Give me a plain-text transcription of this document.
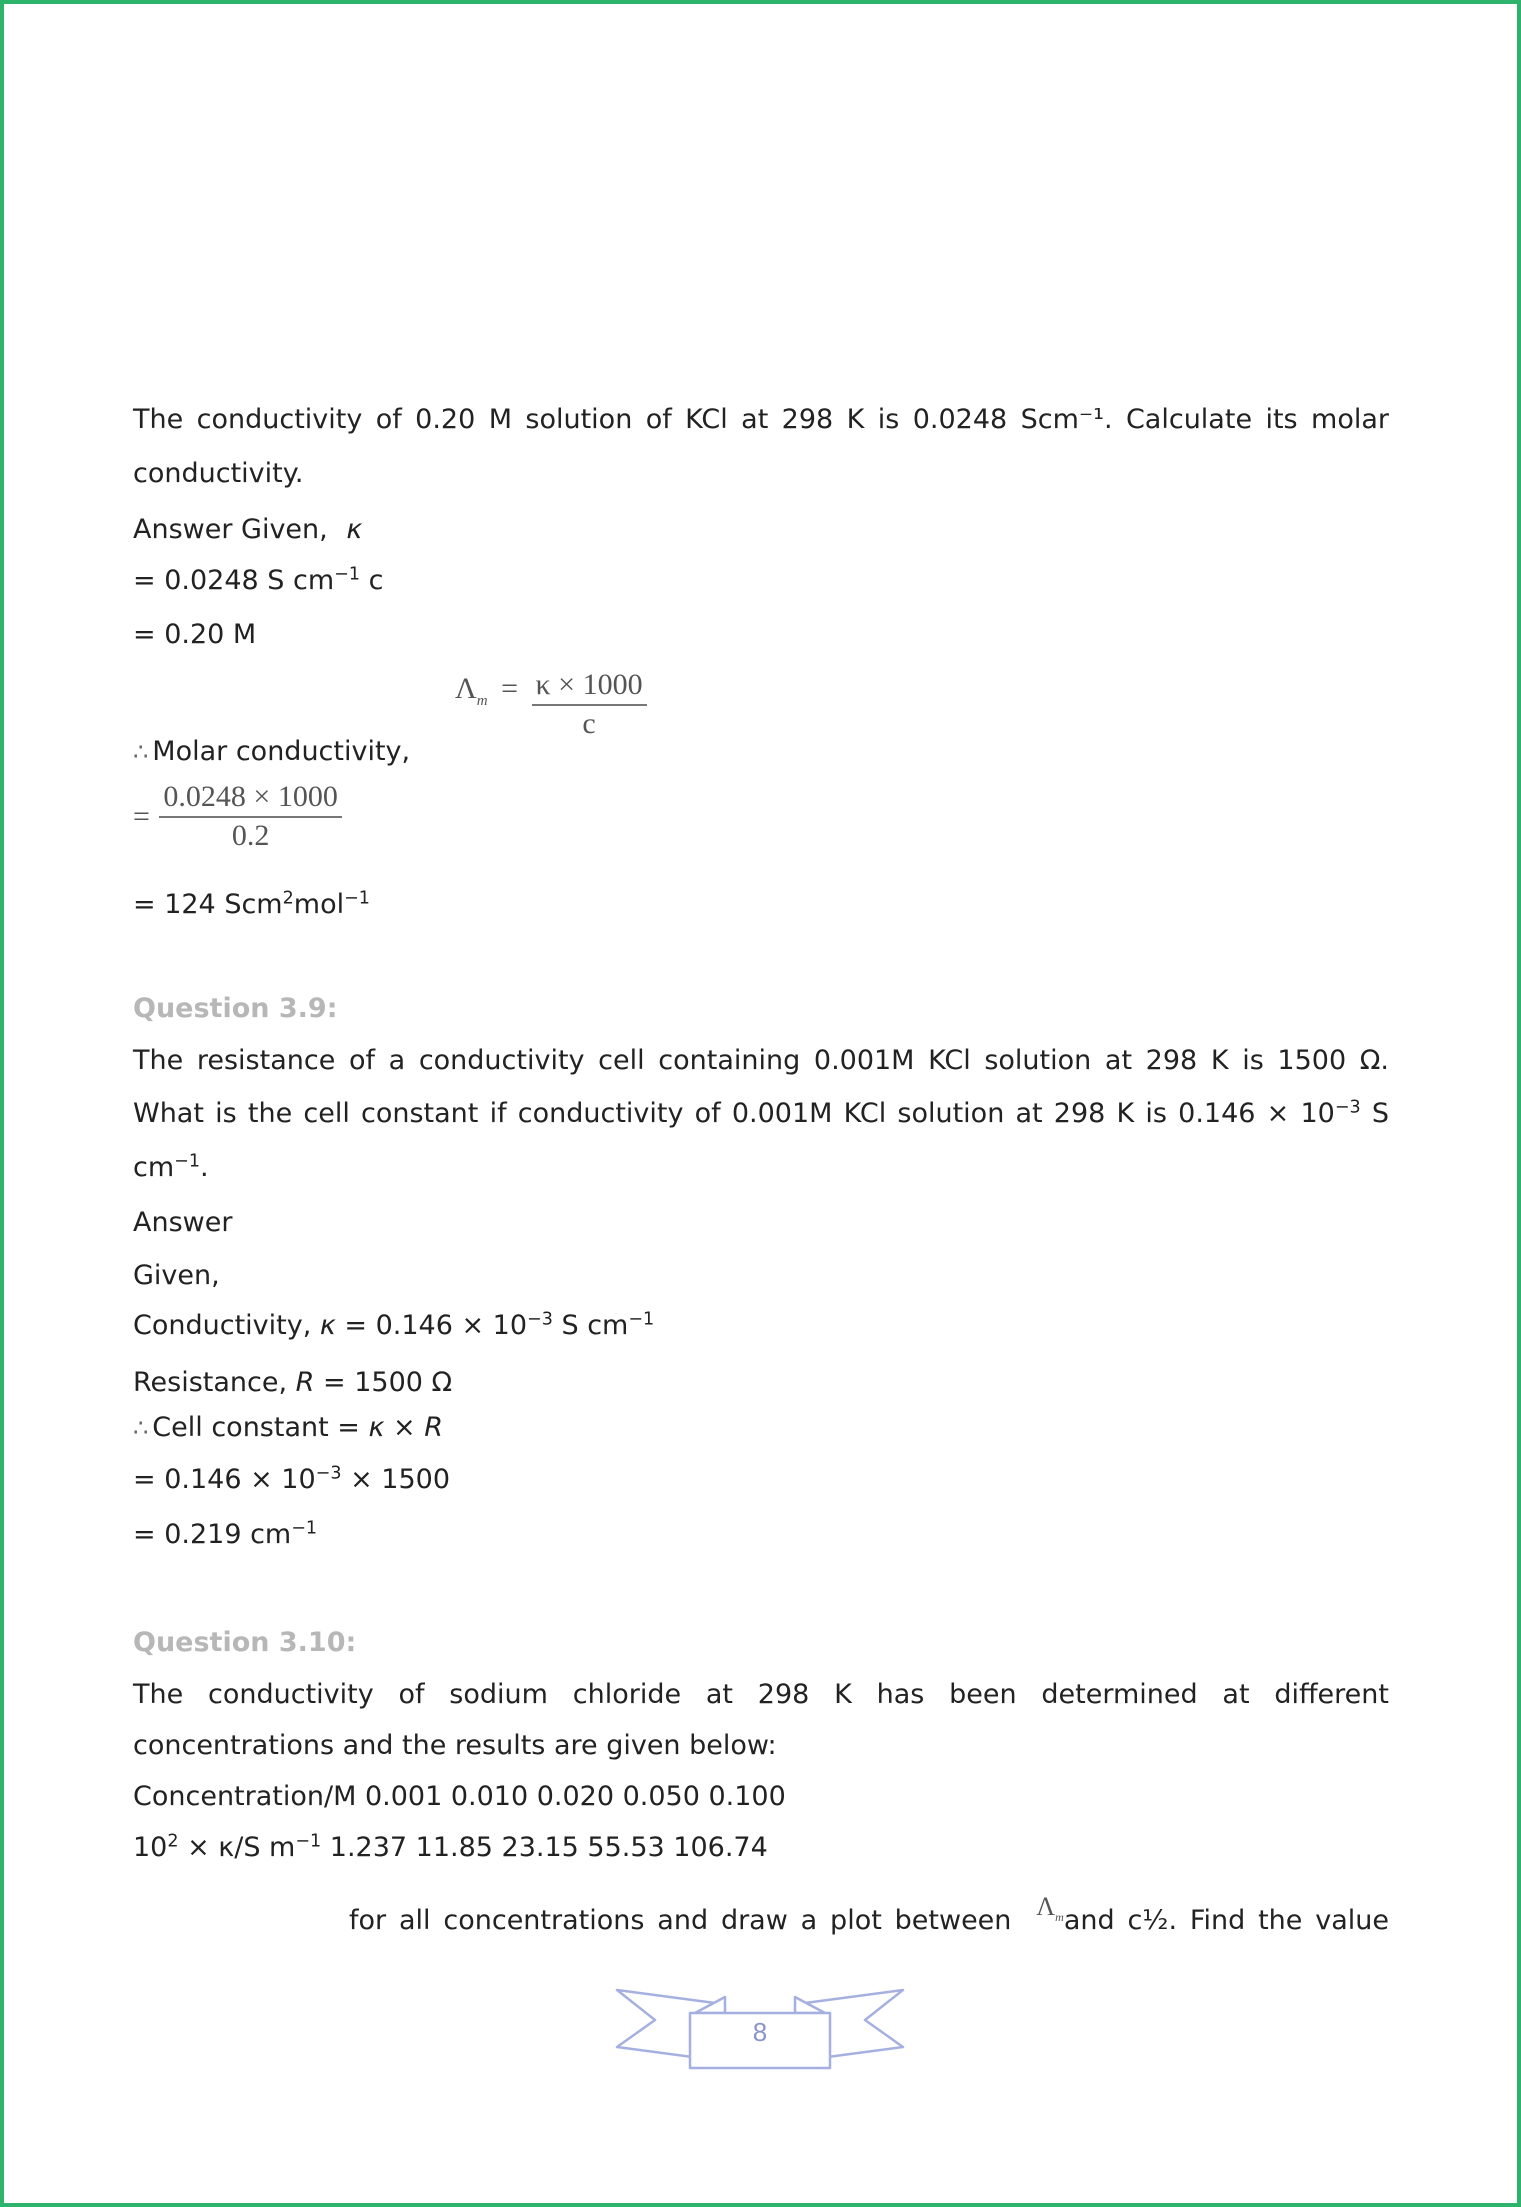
The conductivity of 0.20 M solution of KCl at 298 K is 0.0248 Scm⁻¹. Calculate its molar
conductivity.
Answer Given, κ
= 0.0248 S $cm^{-1}$ c
= 0.20 M
$\Lambda_m = \frac{\kappa \times 1000}{c}$
∴ Molar conductivity,
= $\frac{0.0248 \times 1000}{0.2}$
= 124 Scm$^2$mol$^{-1}$
Question 3.9:
The resistance of a conductivity cell containing 0.001M KCl solution at 298 K is 1500 Ω.
What is the cell constant if conductivity of 0.001M KCl solution at 298 K is $0.146 \times 10^{-3}$ S
$cm^{-1}$.
Answer
Given,
Conductivity, $\kappa = 0.146 \times 10^{-3}$ S $cm^{-1}$
Resistance, R = 1500 Ω
∴ Cell constant = κ × R
= $0.146 \times 10^{-3} \times 1500$
= 0.219 $cm^{-1}$
Question 3.10:
The conductivity of sodium chloride at 298 K has been determined at different
concentrations and the results are given below:
Concentration/M 0.001 0.010 0.020 0.050 0.100
$10^2 \times \kappa/S$ $m^{-1}$ 1.237 11.85 23.15 55.53 106.74
for all concentrations and draw a plot between $\Lambda_mand$ c½. Find the value
8
